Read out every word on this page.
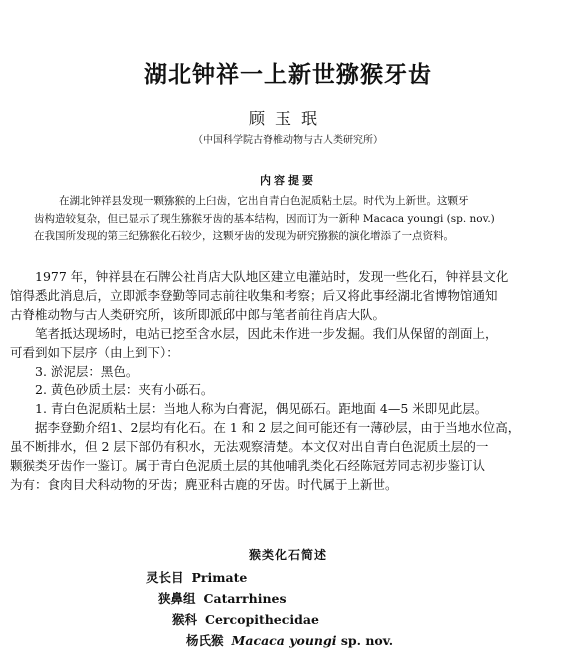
湖北钟祥一上新世猕猴牙齿
顾玉珉
（中国科学院古脊椎动物与古人类研究所）
内容提要
在湖北钟祥县发现一颗猕猴的上臼齿，它出自青白色泥质粘土层。时代为上新世。这颗牙
齿构造较复杂，但已显示了现生猕猴牙齿的基本结构，因而订为一新种 Macaca youngi (sp. nov.)
在我国所发现的第三纪猕猴化石较少，这颗牙齿的发现为研究猕猴的演化增添了一点资料。
1977 年，钟祥县在石牌公社肖店大队地区建立电灌站时，发现一些化石，钟祥县文化
馆得悉此消息后，立即派李登勤等同志前往收集和考察；后又将此事经湖北省博物馆通知
古脊椎动物与古人类研究所，该所即派邱中郎与笔者前往肖店大队。
笔者抵达现场时，电站已挖至含水层，因此未作进一步发掘。我们从保留的剖面上，
可看到如下层序（由上到下）：
3. 淤泥层：黑色。
2. 黄色砂质土层：夹有小砾石。
1. 青白色泥质粘土层：当地人称为白膏泥，偶见砾石。距地面 4—5 米即见此层。
据李登勤介绍1、2层均有化石。在 1 和 2 层之间可能还有一薄砂层，由于当地水位高，
虽不断排水，但 2 层下部仍有积水，无法观察清楚。本文仅对出自青白色泥质土层的一
颗猴类牙齿作一鉴订。属于青白色泥质土层的其他哺乳类化石经陈冠芳同志初步鉴订认
为有：食肉目犬科动物的牙齿；麂亚科古鹿的牙齿。时代属于上新世。
猴类化石简述
灵长目 Primate
狭鼻组 Catarrhines
猴科 Cercopithecidae
杨氏猴 Macaca youngi sp. nov.
